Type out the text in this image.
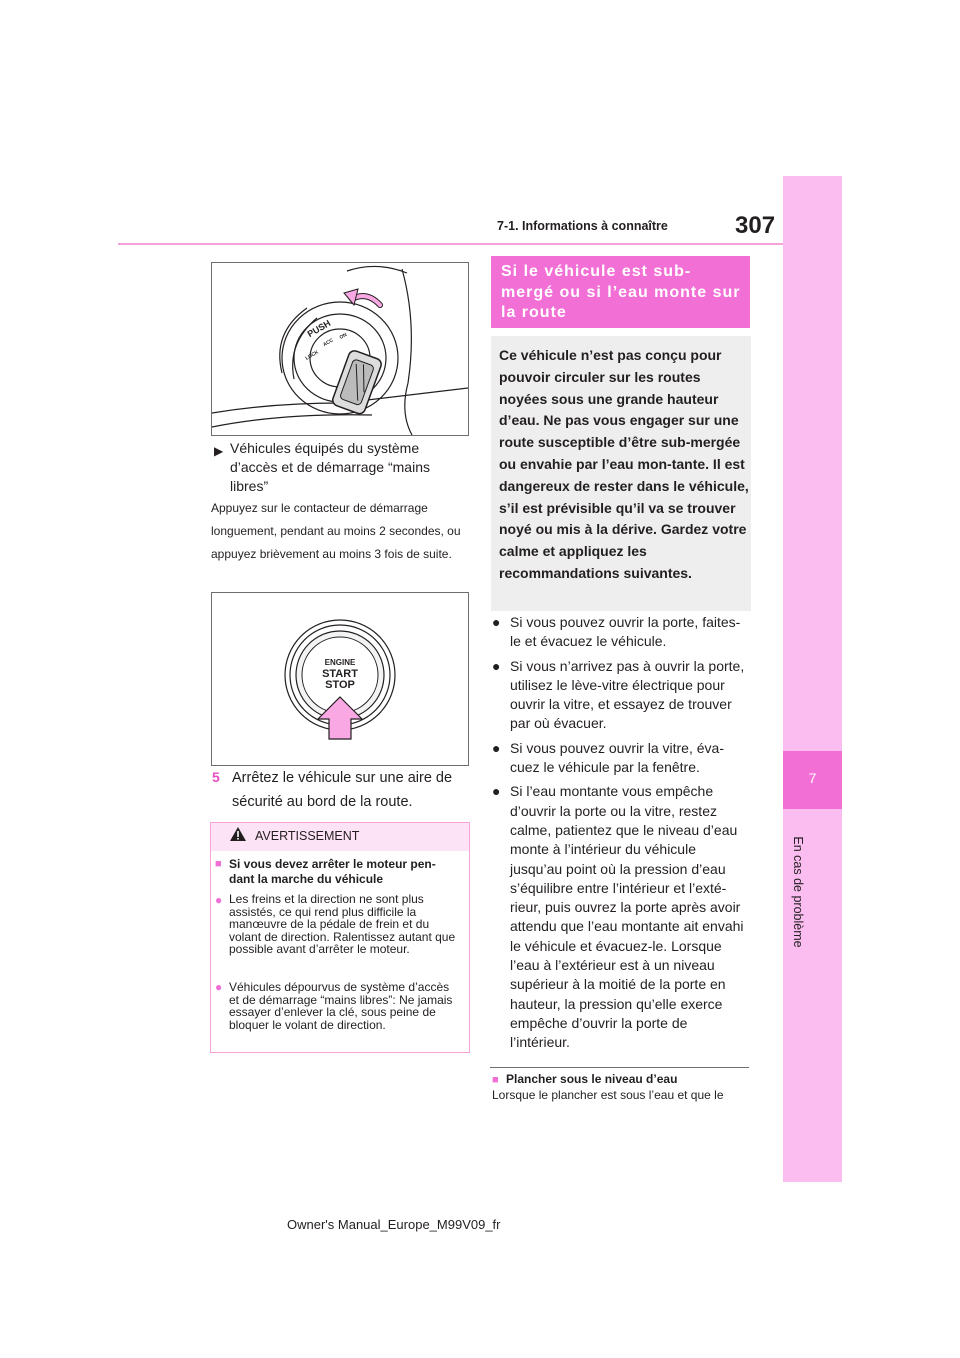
7-1. Informations à connaître	307
7
En cas de problème
PUSH
LOCK
ACC
ON
▶ Véhicules équipés du système d’accès et de démarrage “mains libres”
Appuyez sur le contacteur de démarrage longuement, pendant au moins 2 secondes, ou appuyez brièvement au moins 3 fois de suite.
ENGINE
START
STOP
5 Arrêtez le véhicule sur une aire de sécurité au bord de la route.
AVERTISSEMENT
■ Si vous devez arrêter le moteur pen-dant la marche du véhicule
● Les freins et la direction ne sont plus assistés, ce qui rend plus difficile la manœuvre de la pédale de frein et du volant de direction. Ralentissez autant que possible avant d’arrêter le moteur.
● Véhicules dépourvus de système d’accès et de démarrage “mains libres”: Ne jamais essayer d’enlever la clé, sous peine de bloquer le volant de direction.
Si le véhicule est sub-mergé ou si l’eau monte sur la route
Ce véhicule n’est pas conçu pour pouvoir circuler sur les routes noyées sous une grande hauteur d’eau. Ne pas vous engager sur une route susceptible d’être sub-mergée ou envahie par l’eau mon-tante. Il est dangereux de rester dans le véhicule, s’il est prévisible qu’il va se trouver noyé ou mis à la dérive. Gardez votre calme et appliquez les recommandations suivantes.
● Si vous pouvez ouvrir la porte, faites-le et évacuez le véhicule.
● Si vous n’arrivez pas à ouvrir la porte, utilisez le lève-vitre électrique pour ouvrir la vitre, et essayez de trouver par où évacuer.
● Si vous pouvez ouvrir la vitre, éva-cuez le véhicule par la fenêtre.
● Si l’eau montante vous empêche d’ouvrir la porte ou la vitre, restez calme, patientez que le niveau d’eau monte à l’intérieur du véhicule jusqu’au point où la pression d’eau s’équilibre entre l’intérieur et l’exté-rieur, puis ouvrez la porte après avoir attendu que l’eau montante ait envahi le véhicule et évacuez-le. Lorsque l’eau à l’extérieur est à un niveau supérieur à la moitié de la porte en hauteur, la pression qu’elle exerce empêche d’ouvrir la porte de l’intérieur.
■ Plancher sous le niveau d’eau
Lorsque le plancher est sous l’eau et que le
Owner's Manual_Europe_M99V09_fr
